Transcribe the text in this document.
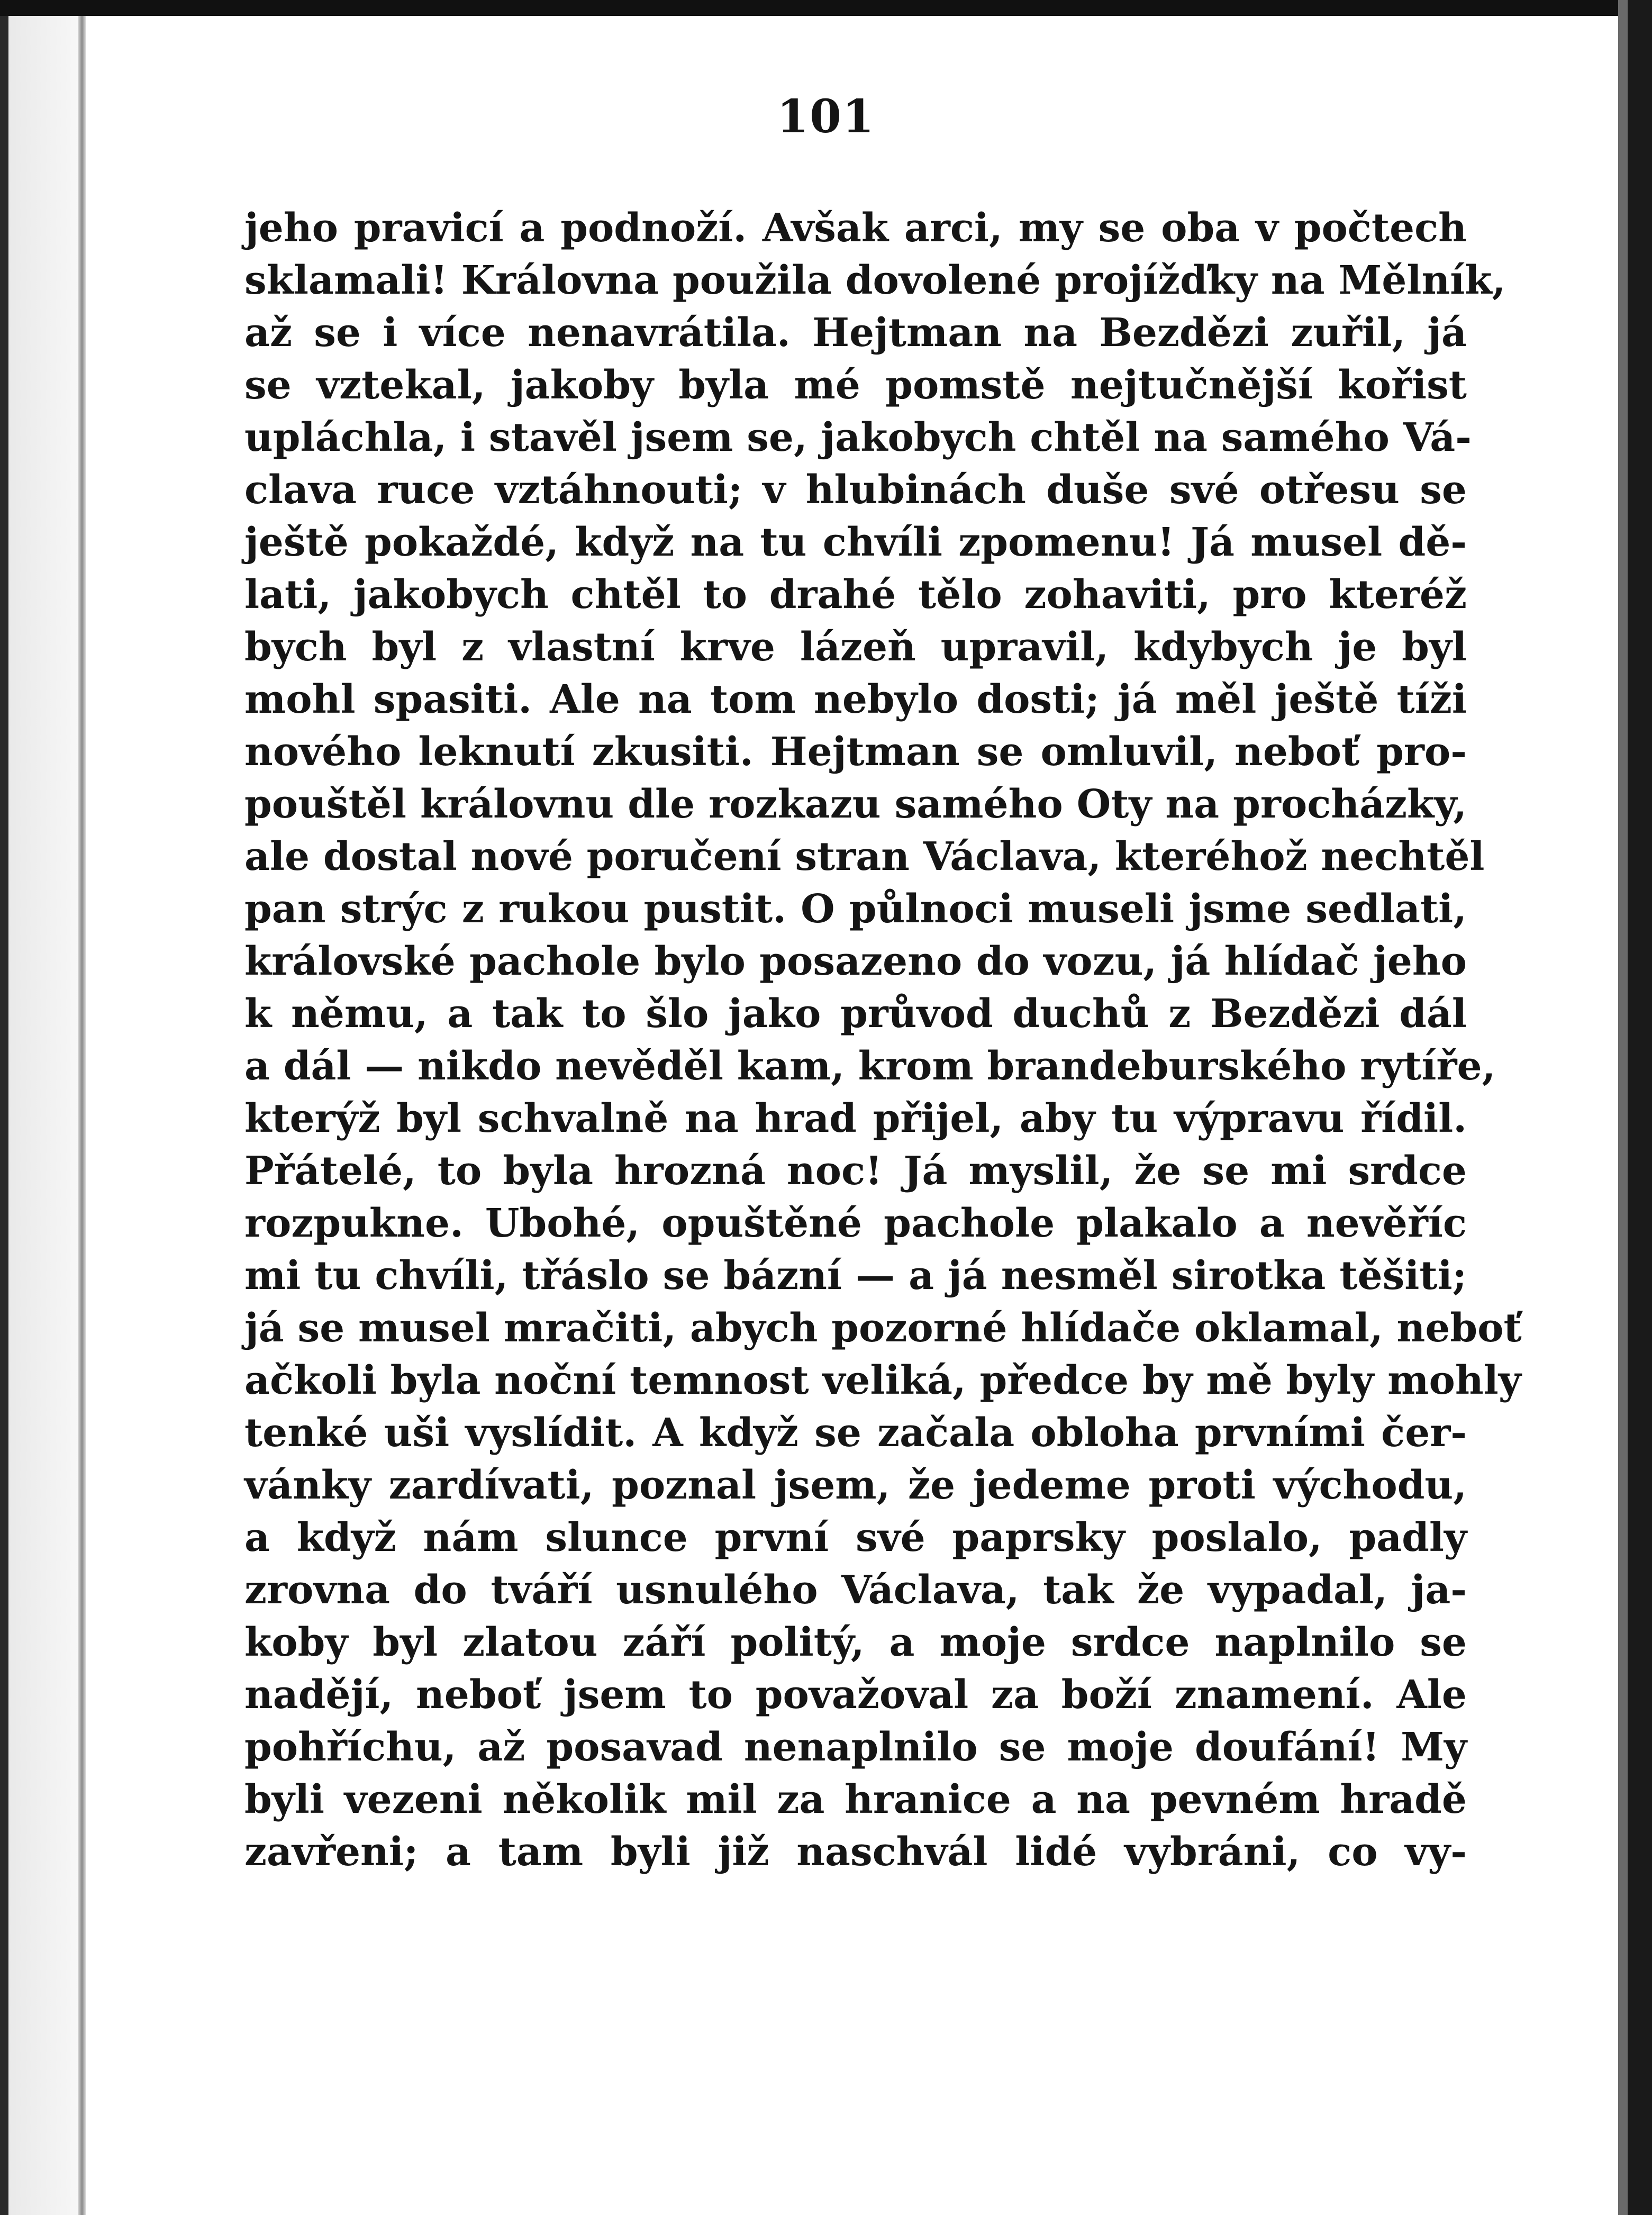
101
jeho pravicí a podnoží. Avšak arci, my se oba v počtech
sklamali! Královna použila dovolené projížďky na Mělník,
až se i více nenavrátila. Hejtman na Bezdězi zuřil, já
se vztekal, jakoby byla mé pomstě nejtučnější kořist
upláchla, i stavěl jsem se, jakobych chtěl na samého Vá-
clava ruce vztáhnouti; v hlubinách duše své otřesu se
ještě pokaždé, když na tu chvíli zpomenu! Já musel dě-
lati, jakobych chtěl to drahé tělo zohaviti, pro kteréž
bych byl z vlastní krve lázeň upravil, kdybych je byl
mohl spasiti. Ale na tom nebylo dosti; já měl ještě tíži
nového leknutí zkusiti. Hejtman se omluvil, neboť pro-
pouštěl královnu dle rozkazu samého Oty na procházky,
ale dostal nové poručení stran Václava, kteréhož nechtěl
pan strýc z rukou pustit. O půlnoci museli jsme sedlati,
královské pachole bylo posazeno do vozu, já hlídač jeho
k němu, a tak to šlo jako průvod duchů z Bezdězi dál
a dál — nikdo nevěděl kam, krom brandeburského rytíře,
kterýž byl schvalně na hrad přijel, aby tu výpravu řídil.
Přátelé, to byla hrozná noc! Já myslil, že se mi srdce
rozpukne. Ubohé, opuštěné pachole plakalo a nevěříc
mi tu chvíli, třáslo se bázní — a já nesměl sirotka těšiti;
já se musel mračiti, abych pozorné hlídače oklamal, neboť
ačkoli byla noční temnost veliká, předce by mě byly mohly
tenké uši vyslídit. A když se začala obloha prvními čer-
vánky zardívati, poznal jsem, že jedeme proti východu,
a když nám slunce první své paprsky poslalo, padly
zrovna do tváří usnulého Václava, tak že vypadal, ja-
koby byl zlatou září politý, a moje srdce naplnilo se
nadějí, neboť jsem to považoval za boží znamení. Ale
pohříchu, až posavad nenaplnilo se moje doufání! My
byli vezeni několik mil za hranice a na pevném hradě
zavřeni; a tam byli již naschvál lidé vybráni, co vy-
